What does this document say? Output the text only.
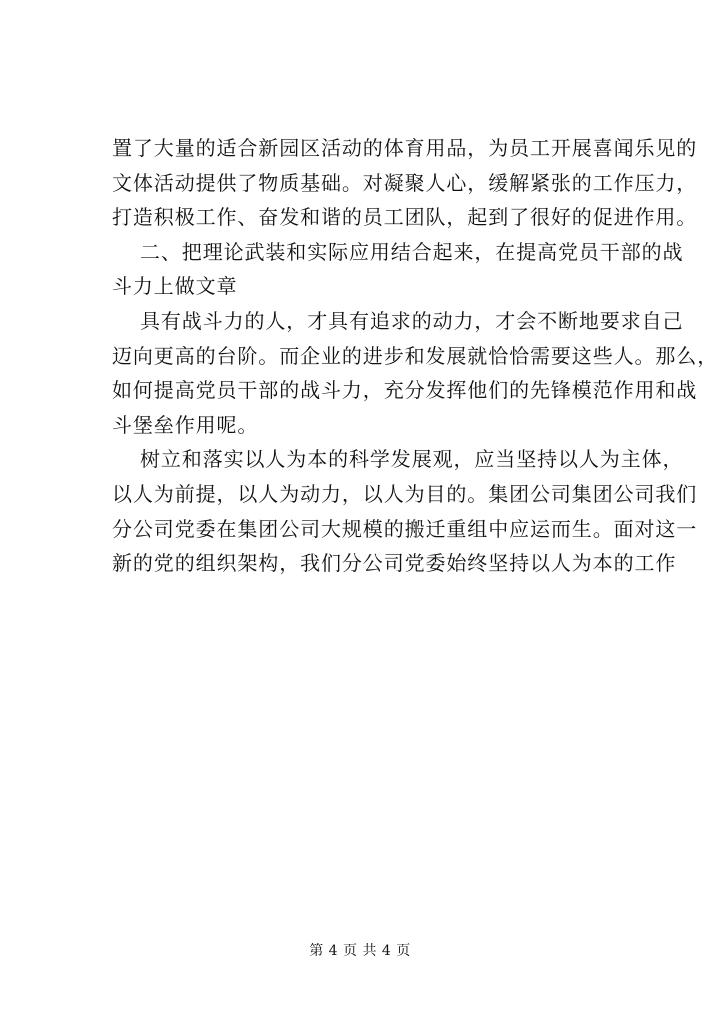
置了大量的适合新园区活动的体育用品，为员工开展喜闻乐见的
文体活动提供了物质基础。对凝聚人心，缓解紧张的工作压力，
打造积极工作、奋发和谐的员工团队，起到了很好的促进作用。
二、把理论武装和实际应用结合起来，在提高党员干部的战
斗力上做文章
具有战斗力的人，才具有追求的动力，才会不断地要求自己
迈向更高的台阶。而企业的进步和发展就恰恰需要这些人。那么，
如何提高党员干部的战斗力，充分发挥他们的先锋模范作用和战
斗堡垒作用呢。
树立和落实以人为本的科学发展观，应当坚持以人为主体，
以人为前提，以人为动力，以人为目的。集团公司集团公司我们
分公司党委在集团公司大规模的搬迁重组中应运而生。面对这一
新的党的组织架构，我们分公司党委始终坚持以人为本的工作
第 4 页 共 4 页
